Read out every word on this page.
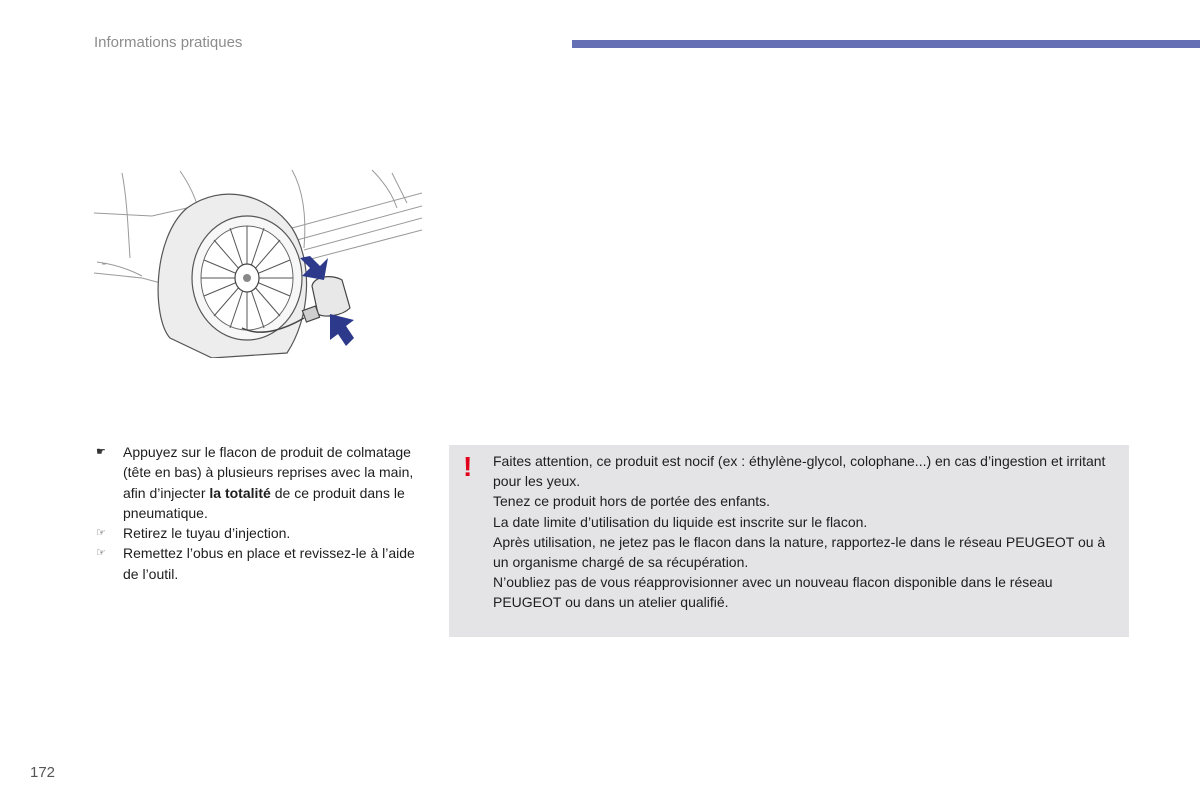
Informations pratiques
☛ Appuyez sur le flacon de produit de colmatage (tête en bas) à plusieurs reprises avec la main, afin d’injecter la totalité de ce produit dans le pneumatique.
☞ Retirez le tuyau d’injection.
☞ Remettez l’obus en place et revissez-le à l’aide de l’outil.
! Faites attention, ce produit est nocif (ex : éthylène-glycol, colophane...) en cas d’ingestion et irritant pour les yeux.
Tenez ce produit hors de portée des enfants.
La date limite d’utilisation du liquide est inscrite sur le flacon.
Après utilisation, ne jetez pas le flacon dans la nature, rapportez-le dans le réseau PEUGEOT ou à un organisme chargé de sa récupération.
N’oubliez pas de vous réapprovisionner avec un nouveau flacon disponible dans le réseau PEUGEOT ou dans un atelier qualifié.
172
